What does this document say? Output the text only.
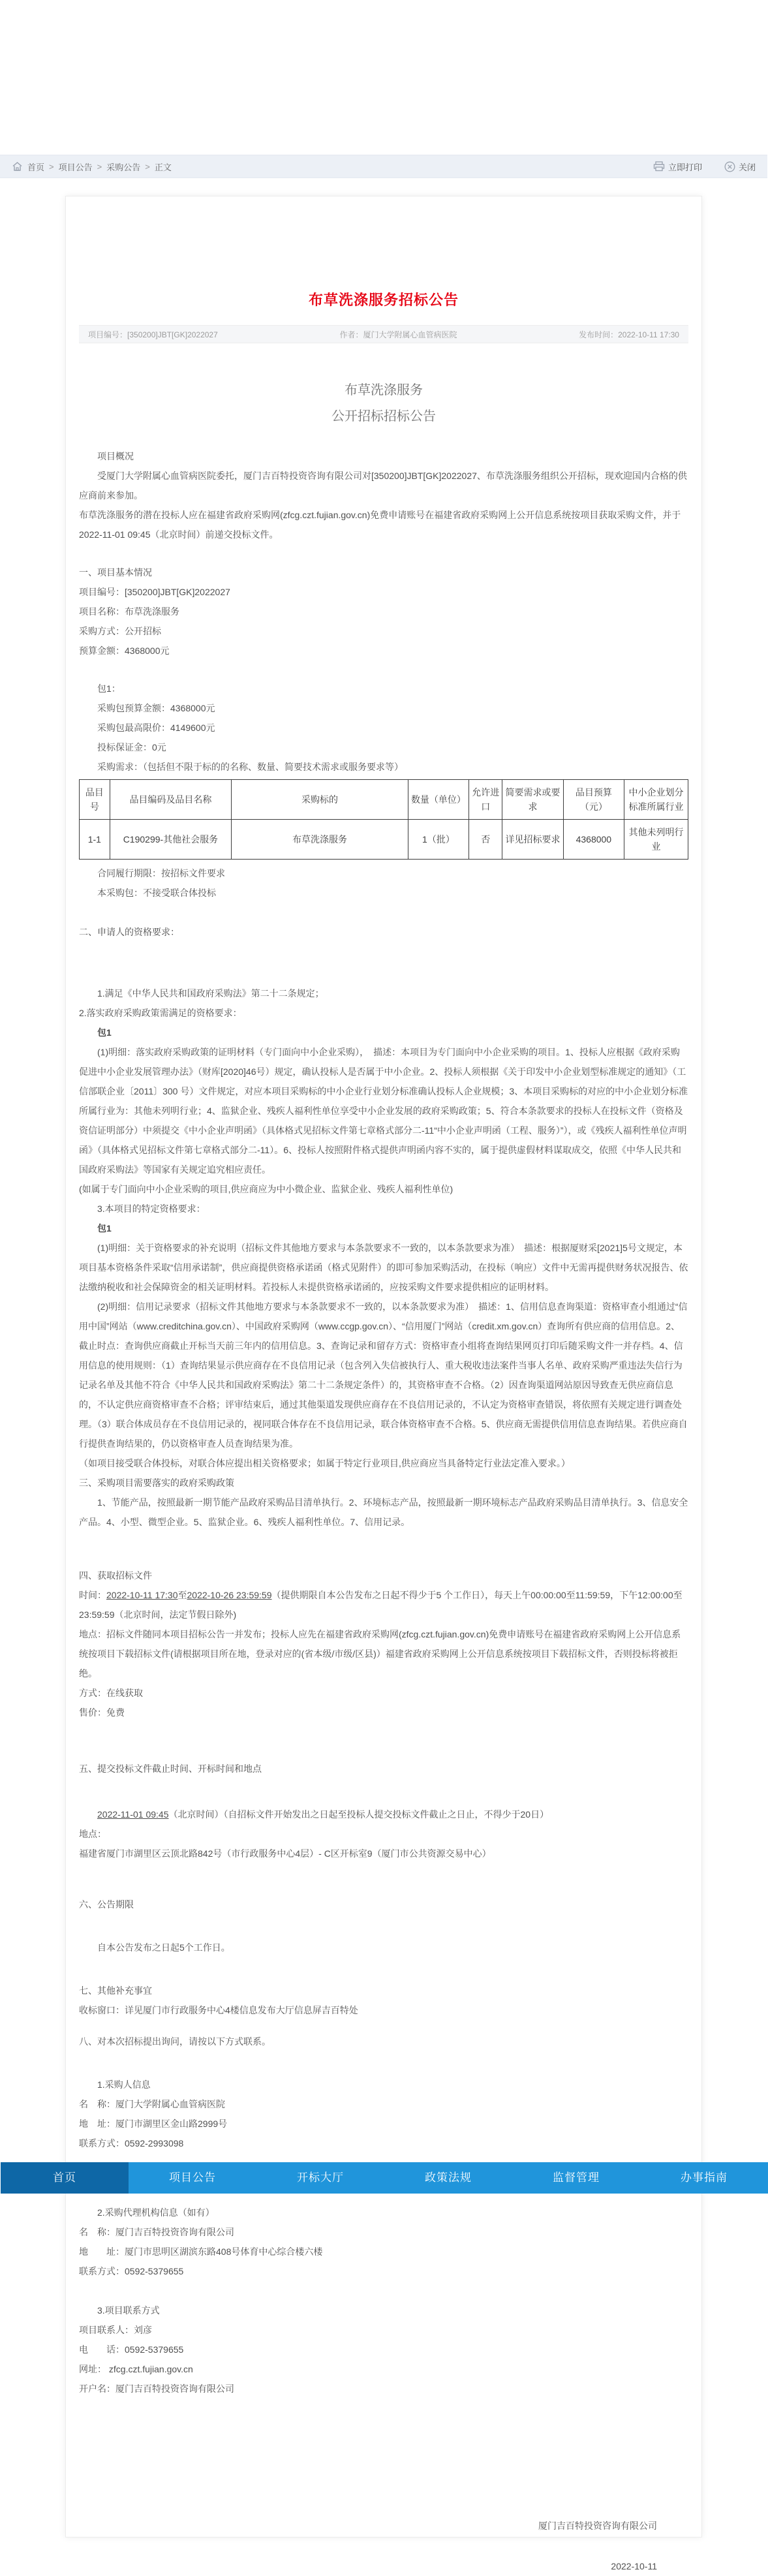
首页 > 项目公告 > 采购公告 > 正文	立即打印	关闭
布草洗涤服务招标公告
项目编号：[350200]JBT[GK]2022027	作者：厦门大学附属心血管病医院	发布时间：2022-10-11 17:30
布草洗涤服务
公开招标招标公告
项目概况
受厦门大学附属心血管病医院委托，厦门吉百特投资咨询有限公司对[350200]JBT[GK]2022027、布草洗涤服务组织公开招标，现欢迎国内合格的供应商前来参加。
布草洗涤服务的潜在投标人应在福建省政府采购网(zfcg.czt.fujian.gov.cn)免费申请账号在福建省政府采购网上公开信息系统按项目获取采购文件，并于2022-11-01 09:45（北京时间）前递交投标文件。
一、项目基本情况
项目编号：[350200]JBT[GK]2022027
项目名称：布草洗涤服务
采购方式：公开招标
预算金额：4368000元
包1：
采购包预算金额：4368000元
采购包最高限价：4149600元
投标保证金：0元
采购需求：（包括但不限于标的的名称、数量、简要技术需求或服务要求等）
品目号	品目编码及品目名称	采购标的	数量（单位）	允许进口	简要需求或要求	品目预算（元）	中小企业划分标准所属行业
1-1	C190299-其他社会服务	布草洗涤服务	1（批）	否	详见招标要求	4368000	其他未列明行业
合同履行期限：按招标文件要求
本采购包：不接受联合体投标
二、申请人的资格要求：
1.满足《中华人民共和国政府采购法》第二十二条规定；
2.落实政府采购政策需满足的资格要求：
包1
(1)明细：落实政府采购政策的证明材料（专门面向中小企业采购），　描述：本项目为专门面向中小企业采购的项目。1、投标人应根据《政府采购促进中小企业发展管理办法》（财库[2020]46号）规定，确认投标人是否属于中小企业。2、投标人须根据《关于印发中小企业划型标准规定的通知》（工信部联企业〔2011〕300 号）文件规定，对应本项目采购标的中小企业行业划分标准确认投标人企业规模；3、本项目采购标的对应的中小企业划分标准所属行业为：其他未列明行业；4、监狱企业、残疾人福利性单位享受中小企业发展的政府采购政策；5、符合本条款要求的投标人在投标文件（资格及资信证明部分）中须提交《中小企业声明函》（具体格式见招标文件第七章格式部分二-11“中小企业声明函（工程、服务）”），或《残疾人福利性单位声明函》（具体格式见招标文件第七章格式部分二-11）。6、投标人按照附件格式提供声明函内容不实的，属于提供虚假材料谋取成交，依照《中华人民共和国政府采购法》等国家有关规定追究相应责任。
(如属于专门面向中小企业采购的项目,供应商应为中小微企业、监狱企业、残疾人福利性单位)
3.本项目的特定资格要求：
包1
(1)明细：关于资格要求的补充说明（招标文件其他地方要求与本条款要求不一致的，以本条款要求为准）　描述：根据厦财采[2021]5号文规定，本项目基本资格条件采取“信用承诺制”，供应商提供资格承诺函（格式见附件）的即可参加采购活动，在投标（响应）文件中无需再提供财务状况报告、依法缴纳税收和社会保障资金的相关证明材料。若投标人未提供资格承诺函的，应按采购文件要求提供相应的证明材料。
(2)明细：信用记录要求（招标文件其他地方要求与本条款要求不一致的，以本条款要求为准）　描述：1、信用信息查询渠道：资格审查小组通过“信用中国”网站（www.creditchina.gov.cn）、中国政府采购网（www.ccgp.gov.cn）、“信用厦门”网站（credit.xm.gov.cn）查询所有供应商的信用信息。2、截止时点：查询供应商截止开标当天前三年内的信用信息。3、查询记录和留存方式：资格审查小组将查询结果网页打印后随采购文件一并存档。4、信用信息的使用规则：（1）查询结果显示供应商存在不良信用记录（包含列入失信被执行人、重大税收违法案件当事人名单、政府采购严重违法失信行为记录名单及其他不符合《中华人民共和国政府采购法》第二十二条规定条件）的，其资格审查不合格。（2）因查询渠道网站原因导致查无供应商信息的，不认定供应商资格审查不合格；评审结束后，通过其他渠道发现供应商存在不良信用记录的，不认定为资格审查错误，将依照有关规定进行调查处理。（3）联合体成员存在不良信用记录的，视同联合体存在不良信用记录，联合体资格审查不合格。5、供应商无需提供信用信息查询结果。若供应商自行提供查询结果的，仍以资格审查人员查询结果为准。
（如项目接受联合体投标，对联合体应提出相关资格要求；如属于特定行业项目,供应商应当具备特定行业法定准入要求。）
三、采购项目需要落实的政府采购政策
1、节能产品，按照最新一期节能产品政府采购品目清单执行。2、环境标志产品，按照最新一期环境标志产品政府采购品目清单执行。3、信息安全产品。4、小型、微型企业。5、监狱企业。6、残疾人福利性单位。7、信用记录。
四、获取招标文件
时间：2022-10-11 17:30至2022-10-26 23:59:59（提供期限自本公告发布之日起不得少于5 个工作日），每天上午00:00:00至11:59:59，下午12:00:00至23:59:59（北京时间，法定节假日除外)
地点：招标文件随同本项目招标公告一并发布；投标人应先在福建省政府采购网(zfcg.czt.fujian.gov.cn)免费申请账号在福建省政府采购网上公开信息系统按项目下载招标文件(请根据项目所在地，登录对应的(省本级/市级/区县)）福建省政府采购网上公开信息系统按项目下载招标文件，否则投标将被拒绝。
方式：在线获取
售价：免费
五、提交投标文件截止时间、开标时间和地点
2022-11-01 09:45（北京时间）（自招标文件开始发出之日起至投标人提交投标文件截止之日止，不得少于20日）
地点：
福建省厦门市湖里区云顶北路842号（市行政服务中心4层）- C区开标室9（厦门市公共资源交易中心）
六、公告期限
自本公告发布之日起5个工作日。
七、其他补充事宜
收标窗口：详见厦门市行政服务中心4楼信息发布大厅信息屏吉百特处
八、对本次招标提出询问，请按以下方式联系。
1.采购人信息
名　称：厦门大学附属心血管病医院
地　址：厦门市湖里区金山路2999号
联系方式：0592-2993098
首页	项目公告	开标大厅	政策法规	监督管理	办事指南
2.采购代理机构信息（如有）
名　称：厦门吉百特投资咨询有限公司
地　　址：厦门市思明区湖滨东路408号体育中心综合楼六楼
联系方式：0592-5379655
3.项目联系方式
项目联系人：刘彦
电　　话：0592-5379655
网址： zfcg.czt.fujian.gov.cn
开户名：厦门吉百特投资咨询有限公司
厦门吉百特投资咨询有限公司
2022-10-11
